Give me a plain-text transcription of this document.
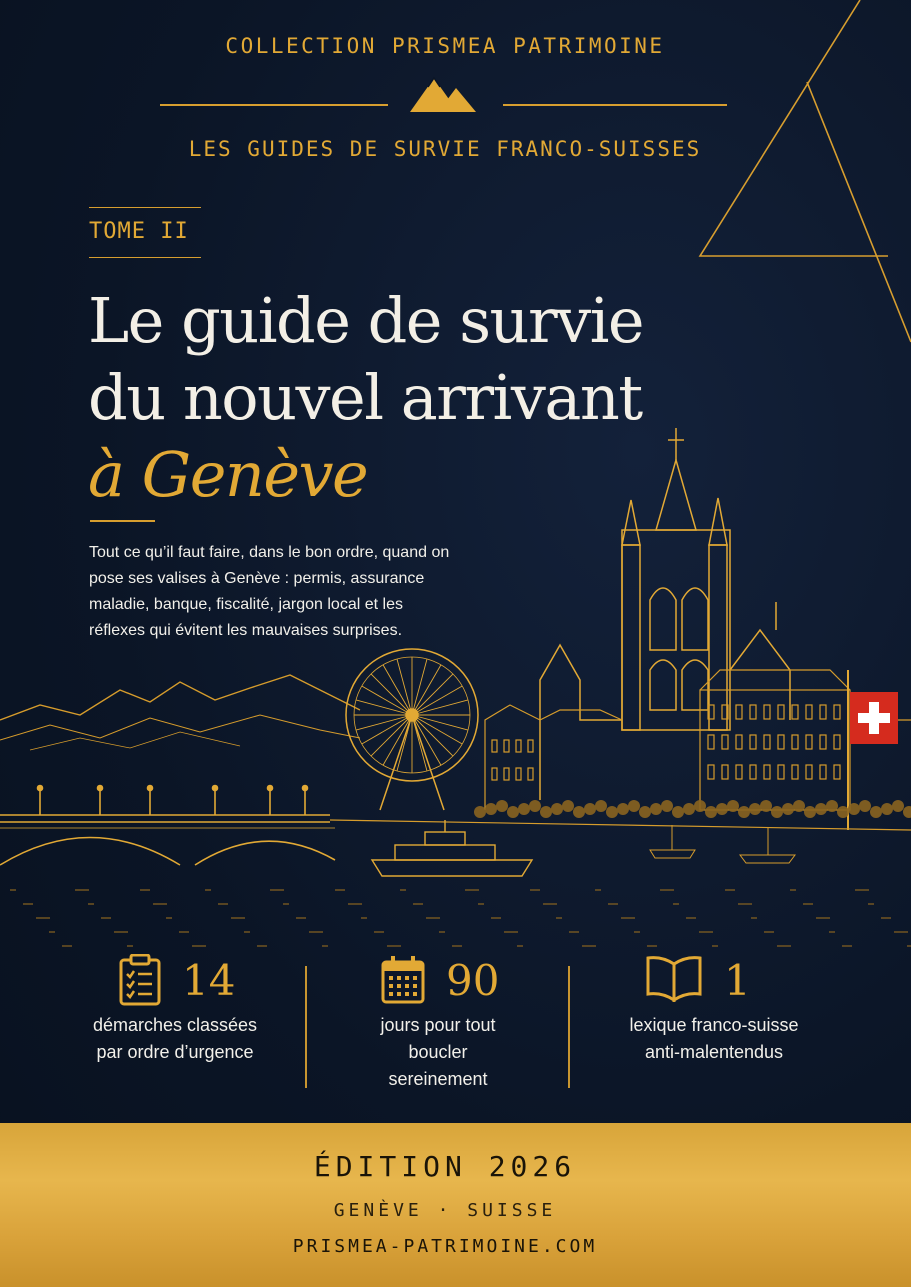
COLLECTION PRISMEA PATRIMOINE
LES GUIDES DE SURVIE FRANCO-SUISSES
TOME II
Le guide de survie
du nouvel arrivant
à Genève
Tout ce qu’il faut faire, dans le bon ordre, quand on pose ses valises à Genève : permis, assurance maladie, banque, fiscalité, jargon local et les réflexes qui évitent les mauvaises surprises.
14
démarches classées par ordre d’urgence
90
jours pour tout boucler sereinement
1
lexique franco-suisse anti-malentendus
ÉDITION 2026
GENÈVE · SUISSE
PRISMEA-PATRIMOINE.COM
